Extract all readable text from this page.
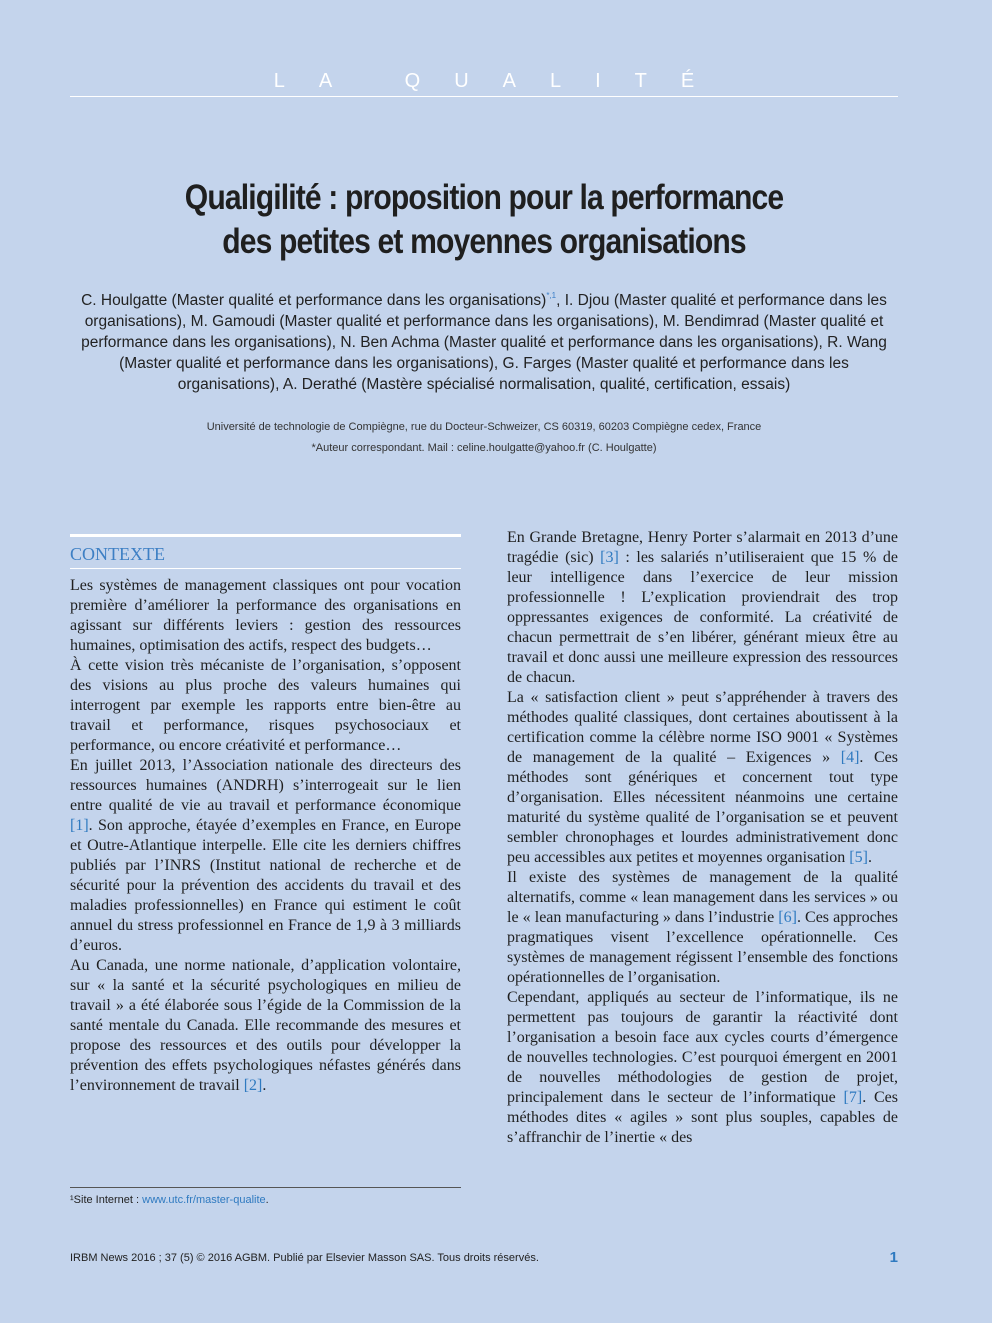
LA QUALITÉ
Qualigilité : proposition pour la performance
des petites et moyennes organisations
C. Houlgatte (Master qualité et performance dans les organisations)$^{*,1}$, I. Djou (Master qualité et performance dans les organisations), M. Gamoudi (Master qualité et performance dans les organisations), M. Bendimrad (Master qualité et performance dans les organisations), N. Ben Achma (Master qualité et performance dans les organisations), R. Wang (Master qualité et performance dans les organisations), G. Farges (Master qualité et performance dans les organisations), A. Derathé (Mastère spécialisé normalisation, qualité, certification, essais)
Université de technologie de Compiègne, rue du Docteur-Schweizer, CS 60319, 60203 Compiègne cedex, France
*Auteur correspondant. Mail : celine.houlgatte@yahoo.fr (C. Houlgatte)
CONTEXTE

Les systèmes de management classiques ont pour vocation première d’améliorer la performance des organisations en agissant sur différents leviers : gestion des ressources humaines, optimisation des actifs, respect des budgets…

À cette vision très mécaniste de l’organisation, s’opposent des visions au plus proche des valeurs humaines qui interrogent par exemple les rapports entre bien-être au travail et performance, risques psychosociaux et performance, ou encore créativité et performance…

En juillet 2013, l’Association nationale des directeurs des ressources humaines (ANDRH) s’interrogeait sur le lien entre qualité de vie au travail et performance économique [1]. Son approche, étayée d’exemples en France, en Europe et Outre-Atlantique interpelle. Elle cite les derniers chiffres publiés par l’INRS (Institut national de recherche et de sécurité pour la prévention des accidents du travail et des maladies professionnelles) en France qui estiment le coût annuel du stress professionnel en France de 1,9 à 3 milliards d’euros.

Au Canada, une norme nationale, d’application volontaire, sur « la santé et la sécurité psychologiques en milieu de travail » a été élaborée sous l’égide de la Commission de la santé mentale du Canada. Elle recommande des mesures et propose des ressources et des outils pour développer la prévention des effets psychologiques néfastes générés dans l’environnement de travail [2].

En Grande Bretagne, Henry Porter s’alarmait en 2013 d’une tragédie (sic) [3] : les salariés n’utiliseraient que 15 % de leur intelligence dans l’exercice de leur mission professionnelle ! L’explication proviendrait des trop oppressantes exigences de conformité. La créativité de chacun permettrait de s’en libérer, générant mieux être au travail et donc aussi une meilleure expression des ressources de chacun.

La « satisfaction client » peut s’appréhender à travers des méthodes qualité classiques, dont certaines aboutissent à la certification comme la célèbre norme ISO 9001 « Systèmes de management de la qualité – Exigences » [4]. Ces méthodes sont génériques et concernent tout type d’organisation. Elles nécessitent néanmoins une certaine maturité du système qualité de l’organisation se et peuvent sembler chronophages et lourdes administrativement donc peu accessibles aux petites et moyennes organisation [5].

Il existe des systèmes de management de la qualité alternatifs, comme « lean management dans les services » ou le « lean manufacturing » dans l’industrie [6]. Ces approches pragmatiques visent l’excellence opérationnelle. Ces systèmes de management régissent l’ensemble des fonctions opérationnelles de l’organisation.

Cependant, appliqués au secteur de l’informatique, ils ne permettent pas toujours de garantir la réactivité dont l’organisation a besoin face aux cycles courts d’émergence de nouvelles technologies. C’est pourquoi émergent en 2001 de nouvelles méthodologies de gestion de projet, principalement dans le secteur de l’informatique [7]. Ces méthodes dites « agiles » sont plus souples, capables de s’affranchir de l’inertie « des

¹Site Internet : www.utc.fr/master-qualite.
IRBM News 2016 ; 37 (5) © 2016 AGBM. Publié par Elsevier Masson SAS. Tous droits réservés.	1
